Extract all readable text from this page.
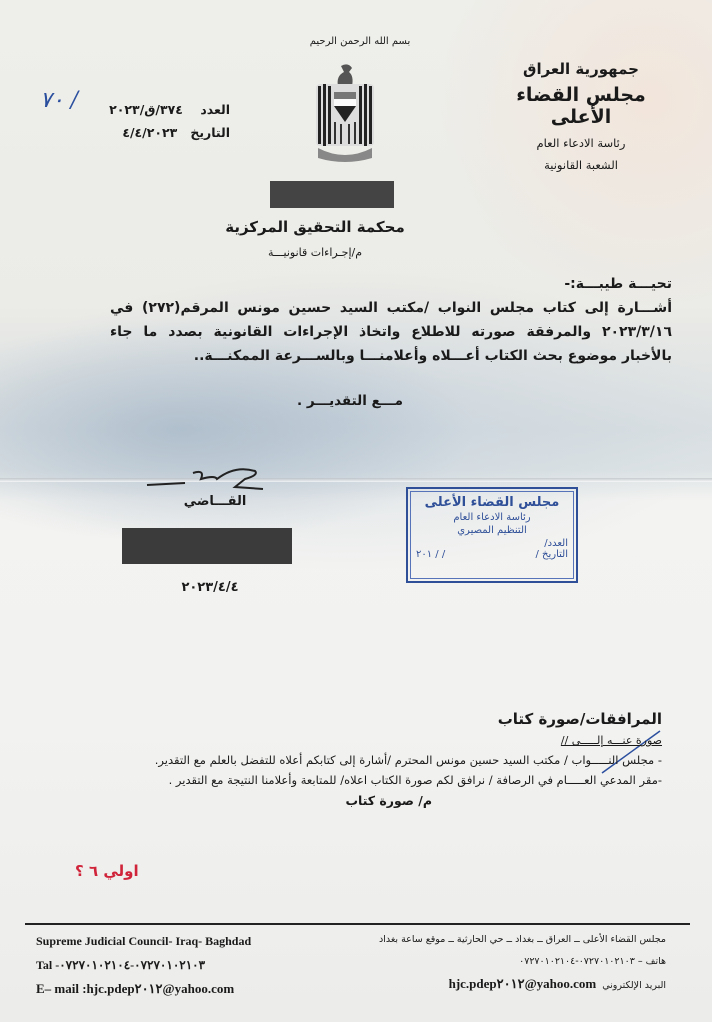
بسم الله الرحمن الرحيم
جمهورية العراق
مجلس القضاء الأعلى
رئاسة الادعاء العام
الشعبة القانونية
٧٠ /	العدد    ٣٧٤/ق/٢٠٢٣
التاريخ   ٤/٤/٢٠٢٣
محكمة التحقيق المركزية
م/إجـراءات قانونيـــة
تحيـــة طيبـــة:-

أشـــارة إلى كتاب مجلس النواب /مكتب السيد حسين مونس المرقم(٢٧٢) في ٢٠٢٣/٣/١٦ والمرفقة صورته للاطلاع واتخاذ الإجراءات القانونية بصدد ما جاء بالأخبار موضوع بحث الكتاب أعـــلاه وأعلامنـــا وبالســـرعة الممكنـــة..

مـــع التقديـــر .
القـــاضي
٢٠٢٣/٤/٤
مجلس القضاء الأعلى
رئاسة الادعاء العام
التنظيم المصيري
العدد/
التاريخ /
/ / ٢٠١
المرافقات/صورة كتاب
صورة عنـــه إلـــــى //
- مجلس النـــــواب / مكتب السيد حسين مونس المحترم /أشارة إلى كتابكم أعلاه للتفضل بالعلم مع التقدير.
-مقر المدعي العـــــام في الرصافة / نرافق لكم صورة الكتاب اعلاه/ للمتابعة وأعلامنا النتيجة مع التقدير .
م/ صورة كتاب
اولي ٦ ؟
Supreme Judicial Council- Iraq- Baghdad
Tal -٠٧٢٧٠١٠٢١٠٣-٠٧٢٧٠١٠٢١٠٤
E– mail :hjc.pdep٢٠١٢@yahoo.com
مجلس القضاء الأعلى ــ العراق ــ بغداد ــ حي الحارثية ــ موقع ساعة بغداد
هاتف – ٠٧٢٧٠١٠٢١٠٣-٠٧٢٧٠١٠٢١٠٤
البريد الإلكتروني
hjc.pdep٢٠١٢@yahoo.com
